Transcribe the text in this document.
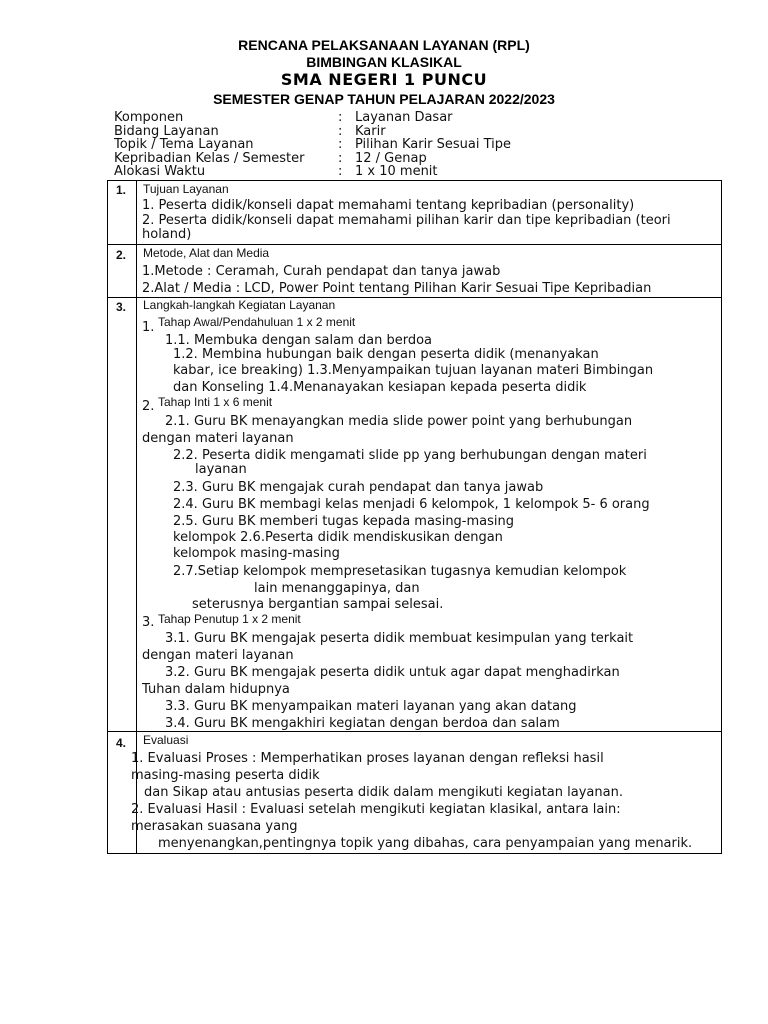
RENCANA PELAKSANAAN LAYANAN (RPL)
BIMBINGAN KLASIKAL
SMA NEGERI 1 PUNCU
SEMESTER GENAP TAHUN PELAJARAN 2022/2023
Komponen	: Layanan Dasar
Bidang Layanan	: Karir
Topik / Tema Layanan	: Pilihan Karir Sesuai Tipe
Kepribadian Kelas / Semester	: 12 / Genap
Alokasi Waktu	: 1 x 10 menit
1. Tujuan Layanan
1. Peserta didik/konseli dapat memahami tentang kepribadian (personality)
2. Peserta didik/konseli dapat memahami pilihan karir dan tipe kepribadian (teori
holand)
2. Metode, Alat dan Media
1.Metode : Ceramah, Curah pendapat dan tanya jawab
2.Alat / Media : LCD, Power Point tentang Pilihan Karir Sesuai Tipe Kepribadian
3. Langkah-langkah Kegiatan Layanan
1. Tahap Awal/Pendahuluan 1 x 2 menit
1.1. Membuka dengan salam dan berdoa
1.2. Membina hubungan baik dengan peserta didik (menanyakan
kabar, ice breaking) 1.3.Menyampaikan tujuan layanan materi Bimbingan
dan Konseling 1.4.Menanayakan kesiapan kepada peserta didik
2. Tahap Inti 1 x 6 menit
2.1. Guru BK menayangkan media slide power point yang berhubungan
dengan materi layanan
2.2. Peserta didik mengamati slide pp yang berhubungan dengan materi
layanan
2.3. Guru BK mengajak curah pendapat dan tanya jawab
2.4. Guru BK membagi kelas menjadi 6 kelompok, 1 kelompok 5- 6 orang
2.5. Guru BK memberi tugas kepada masing-masing
kelompok 2.6.Peserta didik mendiskusikan dengan
kelompok masing-masing
2.7.Setiap kelompok mempresetasikan tugasnya kemudian kelompok
lain menanggapinya, dan
seterusnya bergantian sampai selesai.
3. Tahap Penutup 1 x 2 menit
3.1. Guru BK mengajak peserta didik membuat kesimpulan yang terkait
dengan materi layanan
3.2. Guru BK mengajak peserta didik untuk agar dapat menghadirkan
Tuhan dalam hidupnya
3.3. Guru BK menyampaikan materi layanan yang akan datang
3.4. Guru BK mengakhiri kegiatan dengan berdoa dan salam
4. Evaluasi
1. Evaluasi Proses : Memperhatikan proses layanan dengan refleksi hasil
masing-masing peserta didik
dan Sikap atau antusias peserta didik dalam mengikuti kegiatan layanan.
2. Evaluasi Hasil : Evaluasi setelah mengikuti kegiatan klasikal, antara lain:
merasakan suasana yang
menyenangkan,pentingnya topik yang dibahas, cara penyampaian yang menarik.
